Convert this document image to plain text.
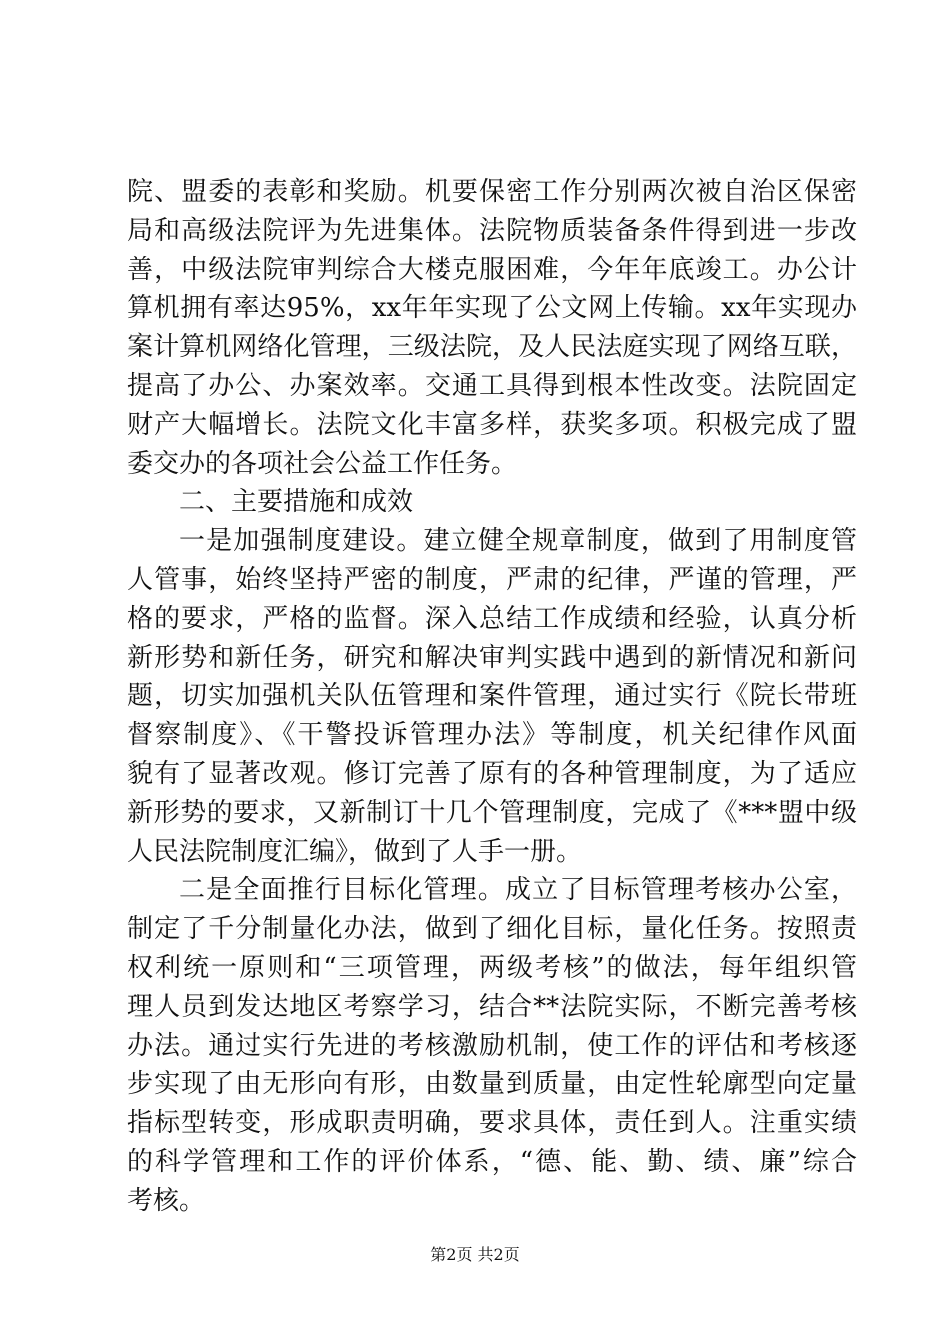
院、盟委的表彰和奖励。机要保密工作分别两次被自治区保密
局和高级法院评为先进集体。法院物质装备条件得到进一步改
善，中级法院审判综合大楼克服困难，今年年底竣工。办公计
算机拥有率达95%，xx年年实现了公文网上传输。xx年实现办
案计算机网络化管理，三级法院，及人民法庭实现了网络互联，
提高了办公、办案效率。交通工具得到根本性改变。法院固定
财产大幅增长。法院文化丰富多样，获奖多项。积极完成了盟
委交办的各项社会公益工作任务。
二、主要措施和成效
一是加强制度建设。建立健全规章制度，做到了用制度管
人管事，始终坚持严密的制度，严肃的纪律，严谨的管理，严
格的要求，严格的监督。深入总结工作成绩和经验，认真分析
新形势和新任务，研究和解决审判实践中遇到的新情况和新问
题，切实加强机关队伍管理和案件管理，通过实行《院长带班
督察制度》、《干警投诉管理办法》等制度，机关纪律作风面
貌有了显著改观。修订完善了原有的各种管理制度，为了适应
新形势的要求，又新制订十几个管理制度，完成了《***盟中级
人民法院制度汇编》，做到了人手一册。
二是全面推行目标化管理。成立了目标管理考核办公室，
制定了千分制量化办法，做到了细化目标，量化任务。按照责
权利统一原则和“三项管理，两级考核”的做法，每年组织管
理人员到发达地区考察学习，结合**法院实际，不断完善考核
办法。通过实行先进的考核激励机制，使工作的评估和考核逐
步实现了由无形向有形，由数量到质量，由定性轮廓型向定量
指标型转变，形成职责明确，要求具体，责任到人。注重实绩
的科学管理和工作的评价体系，“德、能、勤、绩、廉”综合
考核。
第2页 共2页
